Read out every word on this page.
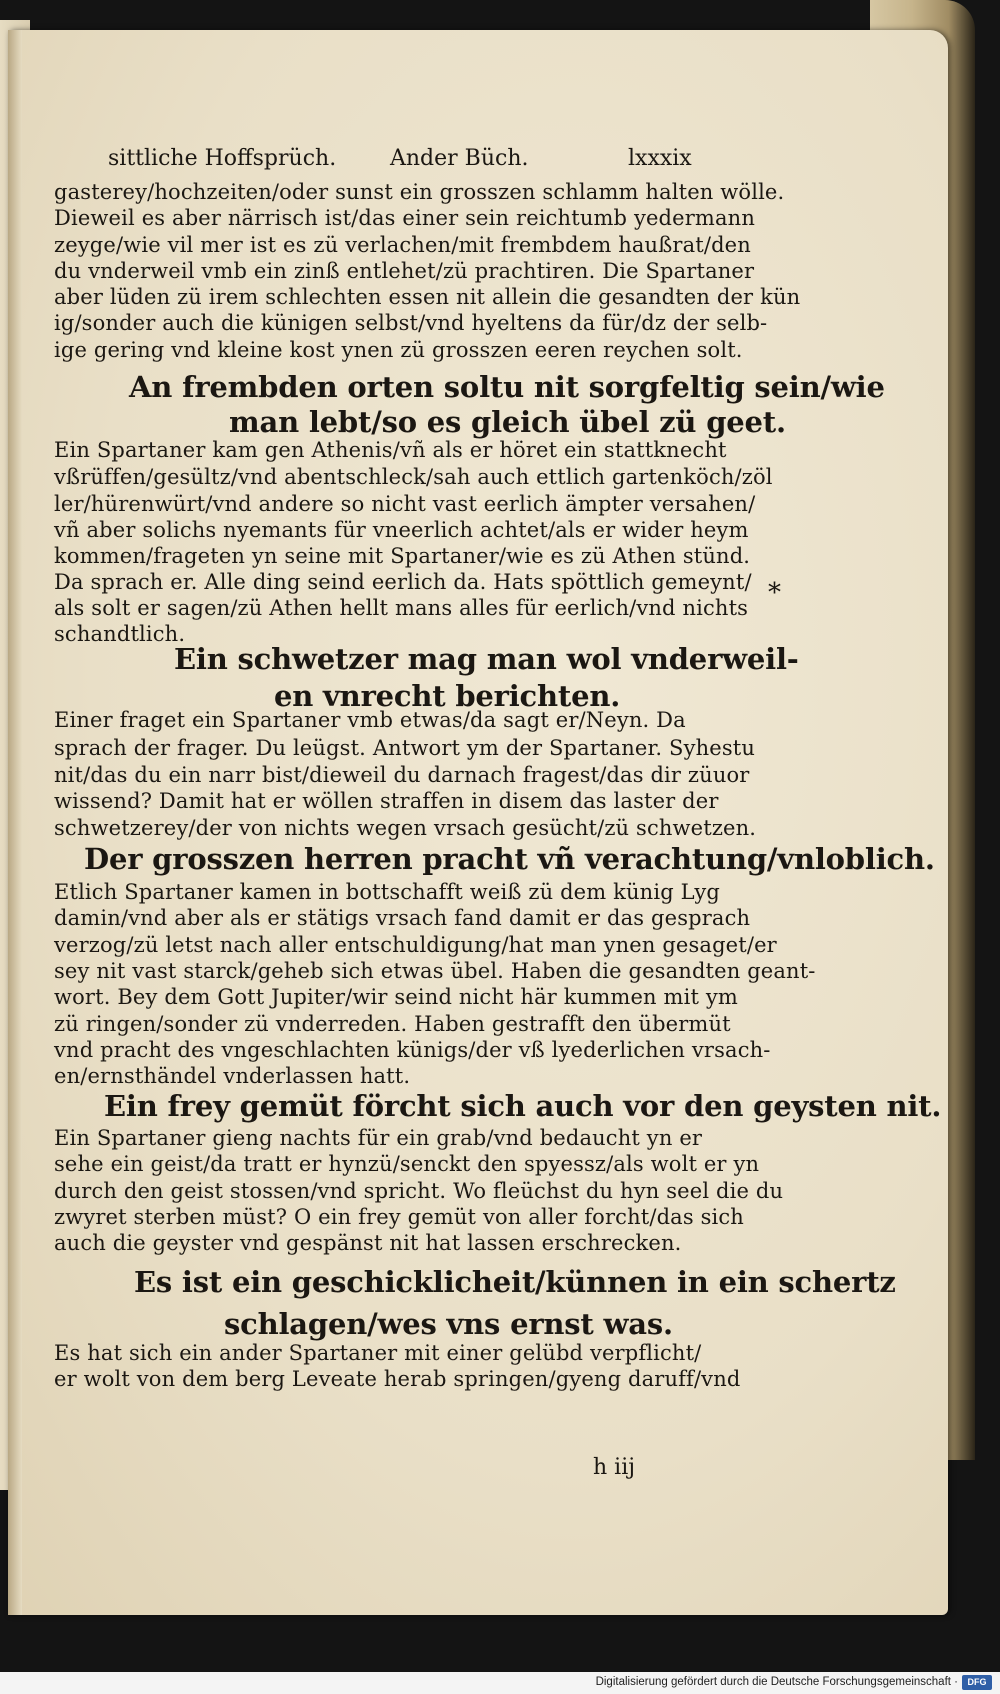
sittliche Hoffsprüch. Ander Büch.	lxxxix
gasterey/hochzeiten/oder sunst ein grosszen schlamm halten wölle.
Dieweil es aber närrisch ist/das einer sein reichtumb yedermann
zeyge/wie vil mer ist es zü verlachen/mit frembdem haußrat/den
du vnderweil vmb ein zinß entlehet/zü prachtiren. Die Spartaner
aber lüden zü irem schlechten essen nit allein die gesandten der kün
ig/sonder auch die künigen selbst/vnd hyeltens da für/dz der selb-
ige gering vnd kleine kost ynen zü grosszen eeren reychen solt.
An frembden orten soltu nit sorgfeltig sein/wie
man lebt/so es gleich übel zü geet.
Ein Spartaner kam gen Athenis/vñ als er höret ein stattknecht
vßrüffen/gesültz/vnd abentschleck/sah auch ettlich gartenköch/zöl
ler/hürenwürt/vnd andere so nicht vast eerlich ämpter versahen/
vñ aber solichs nyemants für vneerlich achtet/als er wider heym
kommen/frageten yn seine mit Spartaner/wie es zü Athen stünd.
Da sprach er. Alle ding seind eerlich da. Hats spöttlich gemeynt/
als solt er sagen/zü Athen hellt mans alles für eerlich/vnd nichts
schandtlich.
Ein schwetzer mag man wol vnderweil-
en vnrecht berichten.
Einer fraget ein Spartaner vmb etwas/da sagt er/Neyn. Da
sprach der frager. Du leügst. Antwort ym der Spartaner. Syhestu
nit/das du ein narr bist/dieweil du darnach fragest/das dir züuor
wissend? Damit hat er wöllen straffen in disem das laster der
schwetzerey/der von nichts wegen vrsach gesücht/zü schwetzen.
Der grosszen herren pracht vñ verachtung/vnloblich.
Etlich Spartaner kamen in bottschafft weiß zü dem künig Lyg
damin/vnd aber als er stätigs vrsach fand damit er das gesprach
verzog/zü letst nach aller entschuldigung/hat man ynen gesaget/er
sey nit vast starck/geheb sich etwas übel. Haben die gesandten geant-
wort. Bey dem Gott Jupiter/wir seind nicht här kummen mit ym
zü ringen/sonder zü vnderreden. Haben gestrafft den übermüt
vnd pracht des vngeschlachten künigs/der vß lyederlichen vrsach-
en/ernsthändel vnderlassen hatt.
Ein frey gemüt förcht sich auch vor den geysten nit.
Ein Spartaner gieng nachts für ein grab/vnd bedaucht yn er
sehe ein geist/da tratt er hynzü/senckt den spyessz/als wolt er yn
durch den geist stossen/vnd spricht. Wo fleüchst du hyn seel die du
zwyret sterben müst? O ein frey gemüt von aller forcht/das sich
auch die geyster vnd gespänst nit hat lassen erschrecken.
Es ist ein geschicklicheit/künnen in ein schertz
schlagen/wes vns ernst was.
Es hat sich ein ander Spartaner mit einer gelübd verpflicht/
er wolt von dem berg Leveate herab springen/gyeng daruff/vnd
*
h iij
Digitalisierung gefördert durch die Deutsche Forschungsgemeinschaft ·	DFG
